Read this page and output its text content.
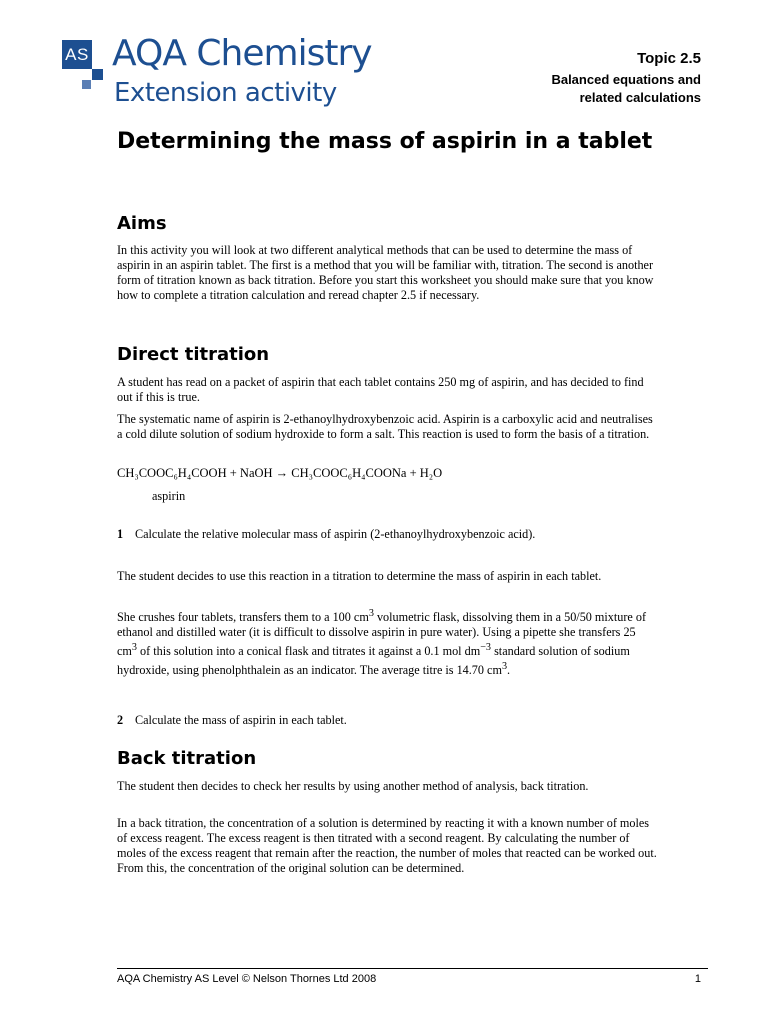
AS AQA Chemistry
Extension activity
Topic 2.5
Balanced equations and
related calculations
Determining the mass of aspirin in a tablet
Aims

In this activity you will look at two different analytical methods that can be used to determine the mass of aspirin in an aspirin tablet. The first is a method that you will be familiar with, titration. The second is another form of titration known as back titration. Before you start this worksheet you should make sure that you know how to complete a titration calculation and reread chapter 2.5 if necessary.

Direct titration

A student has read on a packet of aspirin that each tablet contains 250 mg of aspirin, and has decided to find out if this is true.

The systematic name of aspirin is 2-ethanoylhydroxybenzoic acid. Aspirin is a carboxylic acid and neutralises a cold dilute solution of sodium hydroxide to form a salt. This reaction is used to form the basis of a titration.

CH₃COOC₆H₄COOH + NaOH → CH₃COOC₆H₄COONa + H₂O
aspirin

1 Calculate the relative molecular mass of aspirin (2-ethanoylhydroxybenzoic acid).

The student decides to use this reaction in a titration to determine the mass of aspirin in each tablet.

She crushes four tablets, transfers them to a 100 $cm^3$ volumetric flask, dissolving them in a 50/50 mixture of ethanol and distilled water (it is difficult to dissolve aspirin in pure water). Using a pipette she transfers 25 $cm^3$ of this solution into a conical flask and titrates it against a 0.1 mol $dm^{-3}$ standard solution of sodium hydroxide, using phenolphthalein as an indicator. The average titre is 14.70 $cm^3$.

2 Calculate the mass of aspirin in each tablet.

Back titration

The student then decides to check her results by using another method of analysis, back titration.

In a back titration, the concentration of a solution is determined by reacting it with a known number of moles of excess reagent. The excess reagent is then titrated with a second reagent. By calculating the number of moles of the excess reagent that remain after the reaction, the number of moles that reacted can be worked out. From this, the concentration of the original solution can be determined.

AQA Chemistry AS Level © Nelson Thornes Ltd 2008	1
